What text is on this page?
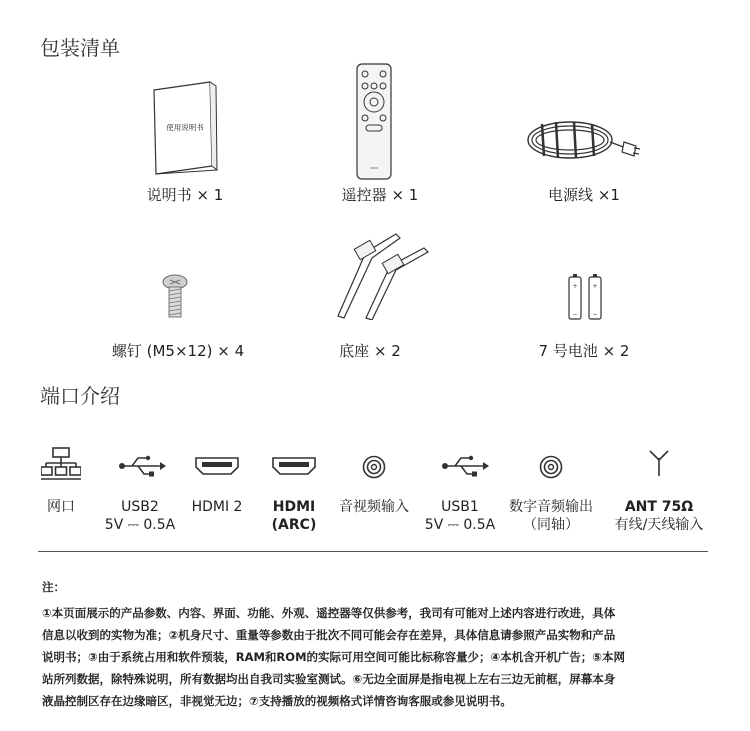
包装清单
使用说明书
说明书 × 1	遥控器 × 1	电源线 ×1
螺钉 (M5×12) × 4	底座 × 2
+
−
+
−
7 号电池 × 2
端口介绍
网口	USB2
5V ⎓ 0.5A
HDMI 2	HDMI
(ARC)
音视频输入	USB1
5V ⎓ 0.5A
数字音频输出
（同轴）
ANT 75Ω
有线/天线输入

注：

①本页面展示的产品参数、内容、界面、功能、外观、遥控器等仅供参考，我司有可能对上述内容进行改进，具体

信息以收到的实物为准；②机身尺寸、重量等参数由于批次不同可能会存在差异，具体信息请参照产品实物和产品

说明书；③由于系统占用和软件预装，RAM和ROM的实际可用空间可能比标称容量少；④本机含开机广告；⑤本网

站所列数据，除特殊说明，所有数据均出自我司实验室测试。⑥无边全面屏是指电视上左右三边无前框，屏幕本身

液晶控制区存在边缘暗区，非视觉无边；⑦支持播放的视频格式详情咨询客服或参见说明书。
